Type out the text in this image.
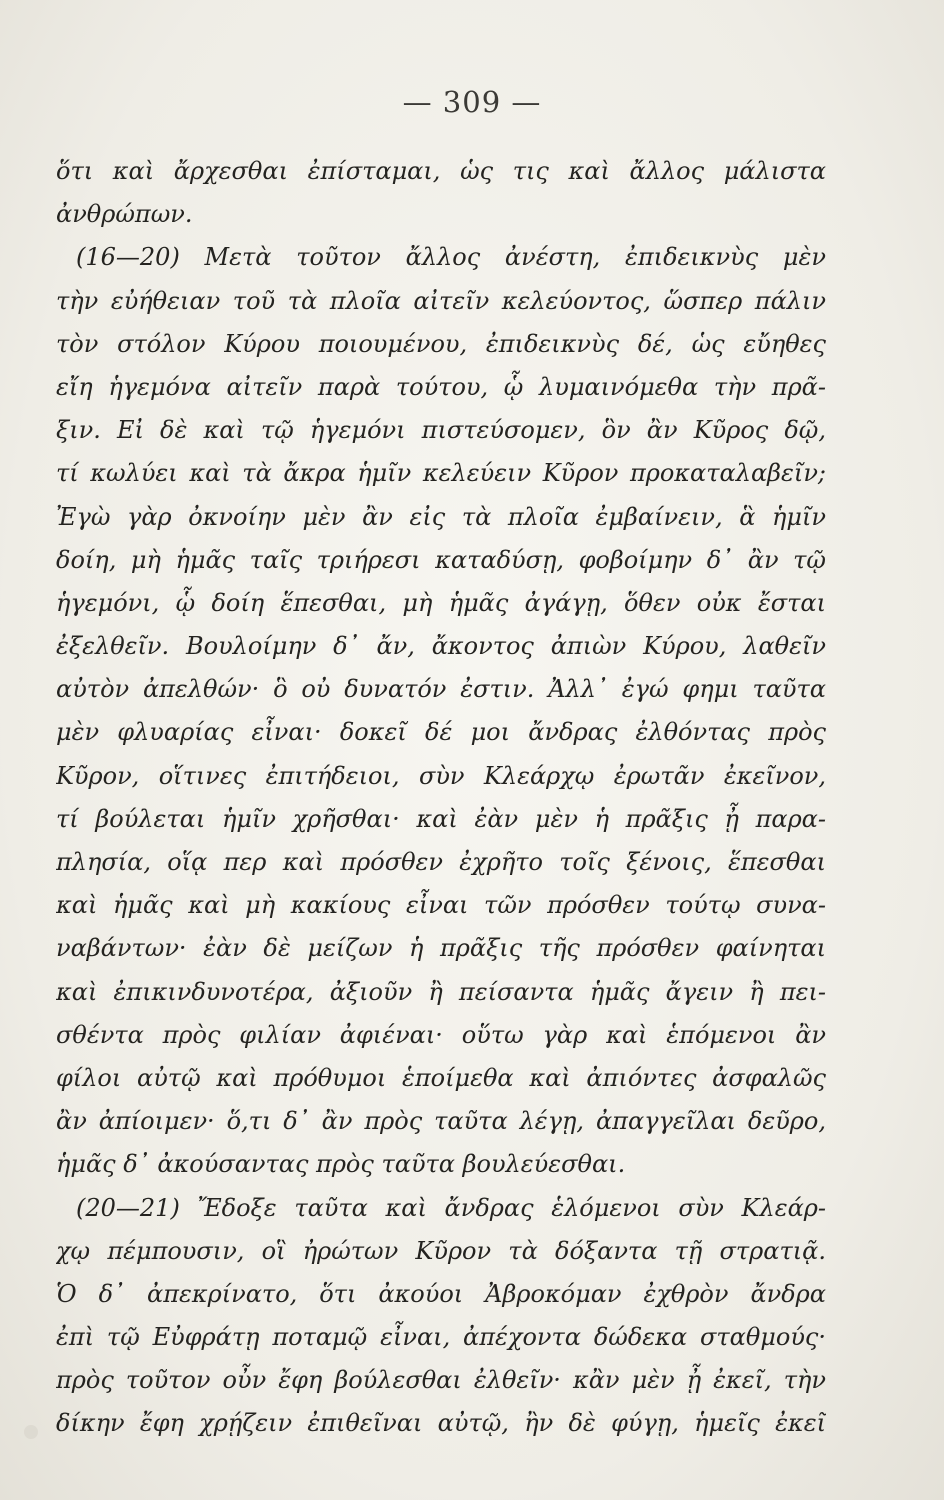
— 309 —
ὅτι καὶ ἄρχεσθαι ἐπίσταμαι, ὡς τις καὶ ἄλλος μάλιστα
ἀνθρώπων.
(16—20) Μετὰ τοῦτον ἄλλος ἀνέστη, ἐπιδεικνὺς μὲν
τὴν εὐήθειαν τοῦ τὰ πλοῖα αἰτεῖν κελεύοντος, ὥσπερ πάλιν
τὸν στόλον Κύρου ποιουμένου, ἐπιδεικνὺς δέ, ὡς εὔηθες
εἴη ἡγεμόνα αἰτεῖν παρὰ τούτου, ᾧ λυμαινόμεθα τὴν πρᾶ-
ξιν. Εἰ δὲ καὶ τῷ ἡγεμόνι πιστεύσομεν, ὃν ἂν Κῦρος δῷ,
τί κωλύει καὶ τὰ ἄκρα ἡμῖν κελεύειν Κῦρον προκαταλαβεῖν;
Ἐγὼ γὰρ ὀκνοίην μὲν ἂν εἰς τὰ πλοῖα ἐμβαίνειν, ἃ ἡμῖν
δοίη, μὴ ἡμᾶς ταῖς τριήρεσι καταδύσῃ, φοβοίμην δ᾽ ἂν τῷ
ἡγεμόνι, ᾧ δοίη ἕπεσθαι, μὴ ἡμᾶς ἀγάγῃ, ὅθεν οὐκ ἔσται
ἐξελθεῖν. Βουλοίμην δ᾽ ἄν, ἄκοντος ἀπιὼν Κύρου, λαθεῖν
αὐτὸν ἀπελθών· ὃ οὐ δυνατόν ἐστιν. Ἀλλ᾽ ἐγώ φημι ταῦτα
μὲν φλυαρίας εἶναι· δοκεῖ δέ μοι ἄνδρας ἐλθόντας πρὸς
Κῦρον, οἵτινες ἐπιτήδειοι, σὺν Κλεάρχῳ ἐρωτᾶν ἐκεῖνον,
τί βούλεται ἡμῖν χρῆσθαι· καὶ ἐὰν μὲν ἡ πρᾶξις ᾖ παρα-
πλησία, οἵᾳ περ καὶ πρόσθεν ἐχρῆτο τοῖς ξένοις, ἕπεσθαι
καὶ ἡμᾶς καὶ μὴ κακίους εἶναι τῶν πρόσθεν τούτῳ συνα-
ναβάντων· ἐὰν δὲ μείζων ἡ πρᾶξις τῆς πρόσθεν φαίνηται
καὶ ἐπικινδυνοτέρα, ἀξιοῦν ἢ πείσαντα ἡμᾶς ἄγειν ἢ πει-
σθέντα πρὸς φιλίαν ἀφιέναι· οὕτω γὰρ καὶ ἑπόμενοι ἂν
φίλοι αὐτῷ καὶ πρόθυμοι ἑποίμεθα καὶ ἀπιόντες ἀσφαλῶς
ἂν ἀπίοιμεν· ὅ,τι δ᾽ ἂν πρὸς ταῦτα λέγῃ, ἀπαγγεῖλαι δεῦρο,
ἡμᾶς δ᾽ ἀκούσαντας πρὸς ταῦτα βουλεύεσθαι.
(20—21) Ἔδοξε ταῦτα καὶ ἄνδρας ἑλόμενοι σὺν Κλεάρ-
χῳ πέμπουσιν, οἳ ἠρώτων Κῦρον τὰ δόξαντα τῇ στρατιᾷ.
Ὁ δ᾽ ἀπεκρίνατο, ὅτι ἀκούοι Ἀβροκόμαν ἐχθρὸν ἄνδρα
ἐπὶ τῷ Εὐφράτῃ ποταμῷ εἶναι, ἀπέχοντα δώδεκα σταθμούς·
πρὸς τοῦτον οὖν ἔφη βούλεσθαι ἐλθεῖν· κἂν μὲν ᾖ ἐκεῖ, τὴν
δίκην ἔφη χρῄζειν ἐπιθεῖναι αὐτῷ, ἢν δὲ φύγῃ, ἡμεῖς ἐκεῖ
